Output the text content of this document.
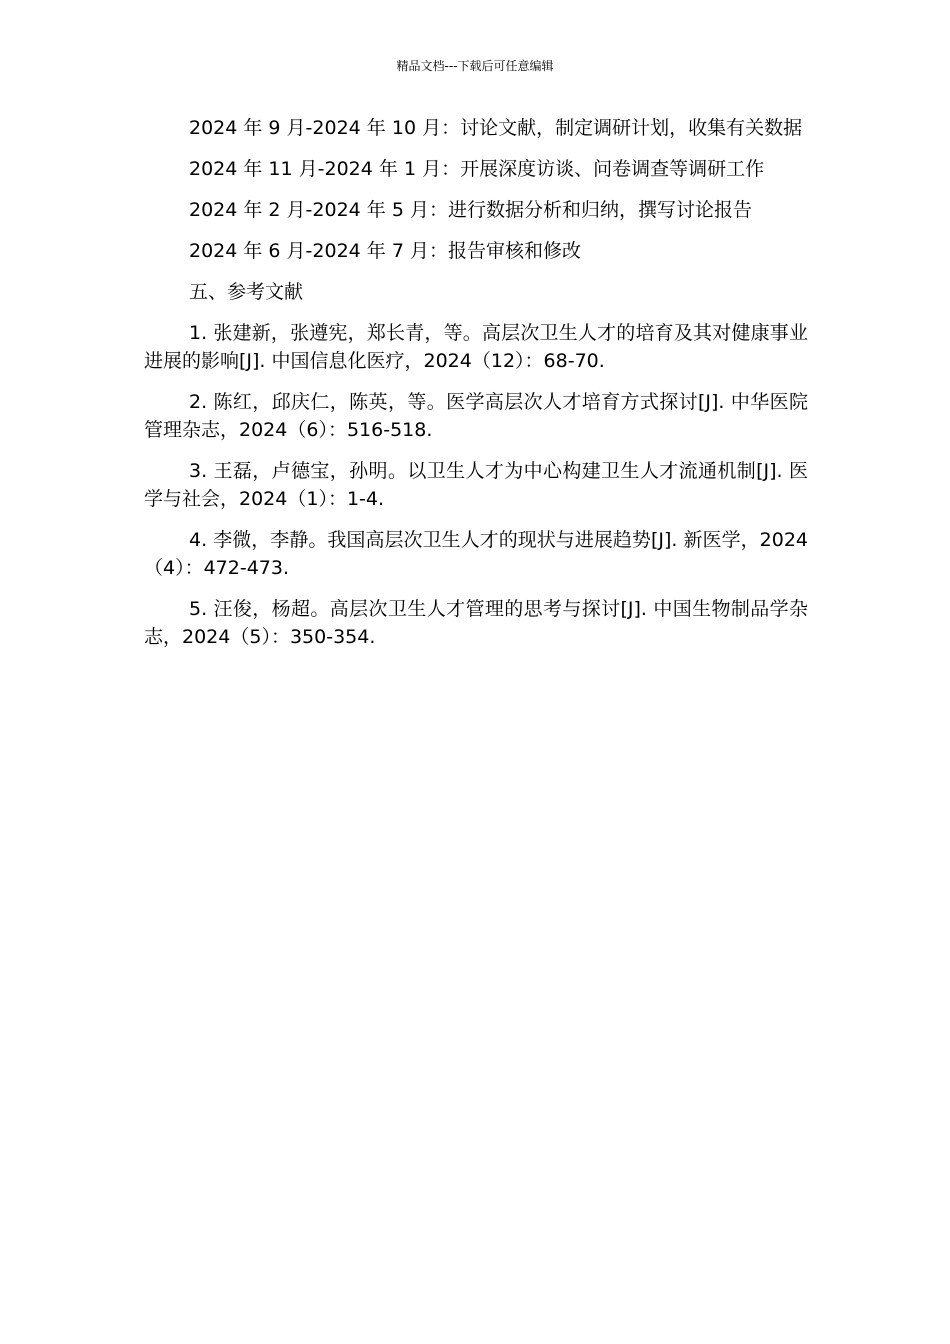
精品文档---下载后可任意编辑

2024 年 9 月-2024 年 10 月：讨论文献，制定调研计划，收集有关数据

2024 年 11 月-2024 年 1 月：开展深度访谈、问卷调查等调研工作

2024 年 2 月-2024 年 5 月：进行数据分析和归纳，撰写讨论报告

2024 年 6 月-2024 年 7 月：报告审核和修改

五、参考文献

1. 张建新，张遵宪，郑长青，等。高层次卫生人才的培育及其对健康事业进展的影响[J]. 中国信息化医疗，2024（12）：68-70.

2. 陈红，邱庆仁，陈英，等。医学高层次人才培育方式探讨[J]. 中华医院管理杂志，2024（6）：516-518.

3. 王磊，卢德宝，孙明。以卫生人才为中心构建卫生人才流通机制[J]. 医学与社会，2024（1）：1-4.

4. 李微，李静。我国高层次卫生人才的现状与进展趋势[J]. 新医学，2024（4）：472-473.

5. 汪俊，杨超。高层次卫生人才管理的思考与探讨[J]. 中国生物制品学杂志，2024（5）：350-354.
